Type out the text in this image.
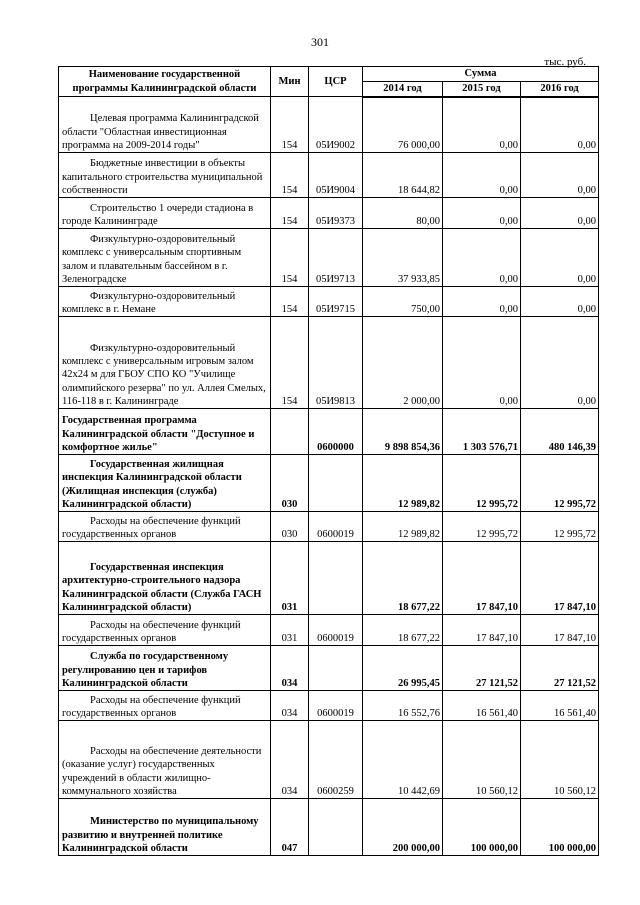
301
тыс. руб.
Наименование государственной программы Калининградской области	Мин	ЦСР	Сумма		
			2014 год	2015 год	2016 год
Целевая программа Калининградской области "Областная инвестиционная программа на 2009-2014 годы"	154	05И9002	76 000,00	0,00	0,00
Бюджетные инвестиции в объекты капитального строительства муниципальной собственности	154	05И9004	18 644,82	0,00	0,00
Строительство 1 очереди стадиона в городе Калининграде	154	05И9373	80,00	0,00	0,00
Физкультурно-оздоровительный комплекс с универсальным спортивным залом и плавательным бассейном в г. Зеленоградске	154	05И9713	37 933,85	0,00	0,00
Физкультурно-оздоровительный комплекс в г. Немане	154	05И9715	750,00	0,00	0,00
Физкультурно-оздоровительный комплекс с универсальным игровым залом 42х24 м для ГБОУ СПО КО "Училище олимпийского резерва" по ул. Аллея Смелых, 116-118 в г. Калининграде	154	05И9813	2 000,00	0,00	0,00
Государственная программа Калининградской области "Доступное и комфортное жилье"		0600000	9 898 854,36	1 303 576,71	480 146,39
Государственная жилищная инспекция Калининградской области (Жилищная инспекция (служба) Калининградской области)	030		12 989,82	12 995,72	12 995,72
Расходы на обеспечение функций государственных органов	030	0600019	12 989,82	12 995,72	12 995,72
Государственная инспекция архитектурно-строительного надзора Калининградской области (Служба ГАСН Калининградской области)	031		18 677,22	17 847,10	17 847,10
Расходы на обеспечение функций государственных органов	031	0600019	18 677,22	17 847,10	17 847,10
Служба по государственному регулированию цен и тарифов Калининградской области	034		26 995,45	27 121,52	27 121,52
Расходы на обеспечение функций государственных органов	034	0600019	16 552,76	16 561,40	16 561,40
Расходы на обеспечение деятельности (оказание услуг) государственных учреждений в области жилищно-коммунального хозяйства	034	0600259	10 442,69	10 560,12	10 560,12
Министерство по муниципальному развитию и внутренней политике Калининградской области	047		200 000,00	100 000,00	100 000,00
